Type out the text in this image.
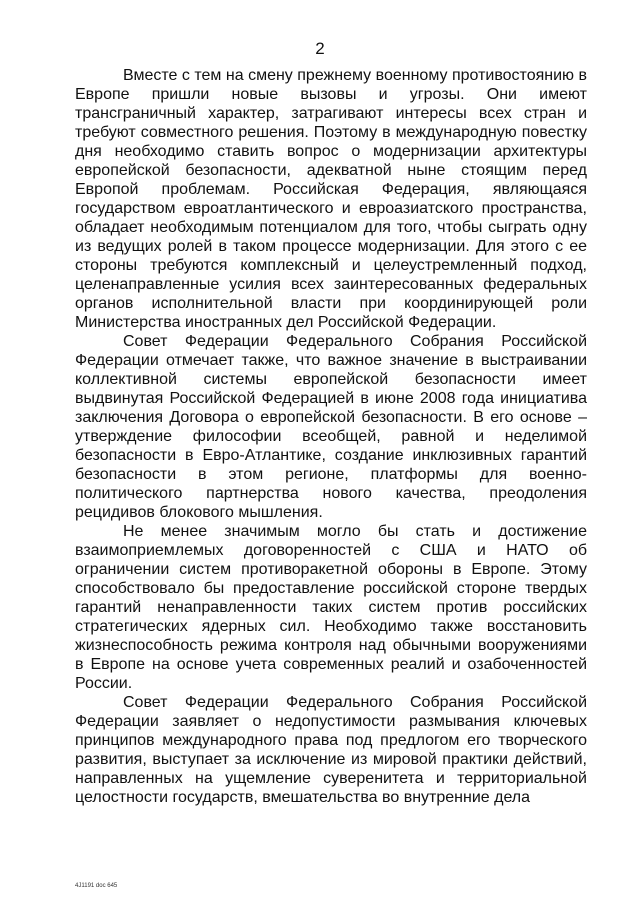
2

Вместе с тем на смену прежнему военному противостоянию в Европе пришли новые вызовы и угрозы. Они имеют трансграничный характер, затрагивают интересы всех стран и требуют совместного решения. Поэтому в международную повестку дня необходимо ставить вопрос о модернизации архитектуры европейской безопасности, адекватной ныне стоящим перед Европой проблемам. Российская Федерация, являющаяся государством евроатлантического и евроазиатского пространства, обладает необходимым потенциалом для того, чтобы сыграть одну из ведущих ролей в таком процессе модернизации. Для этого с ее стороны требуются комплексный и целеустремленный подход, целенаправленные усилия всех заинтересованных федеральных органов исполнительной власти при координирующей роли Министерства иностранных дел Российской Федерации.

Совет Федерации Федерального Собрания Российской Федерации отмечает также, что важное значение в выстраивании коллективной системы европейской безопасности имеет выдвинутая Российской Федерацией в июне 2008 года инициатива заключения Договора о европейской безопасности. В его основе – утверждение философии всеобщей, равной и неделимой безопасности в Евро-Атлантике, создание инклюзивных гарантий безопасности в этом регионе, платформы для военно-политического партнерства нового качества, преодоления рецидивов блокового мышления.

Не менее значимым могло бы стать и достижение взаимоприемлемых договоренностей с США и НАТО об ограничении систем противоракетной обороны в Европе. Этому способствовало бы предоставление российской стороне твердых гарантий ненаправленности таких систем против российских стратегических ядерных сил. Необходимо также восстановить жизнеспособность режима контроля над обычными вооружениями в Европе на основе учета современных реалий и озабоченностей России.

Совет Федерации Федерального Собрания Российской Федерации заявляет о недопустимости размывания ключевых принципов международного права под предлогом его творческого развития, выступает за исключение из мировой практики действий, направленных на ущемление суверенитета и территориальной целостности государств, вмешательства во внутренние дела

4J1191 doc 645
